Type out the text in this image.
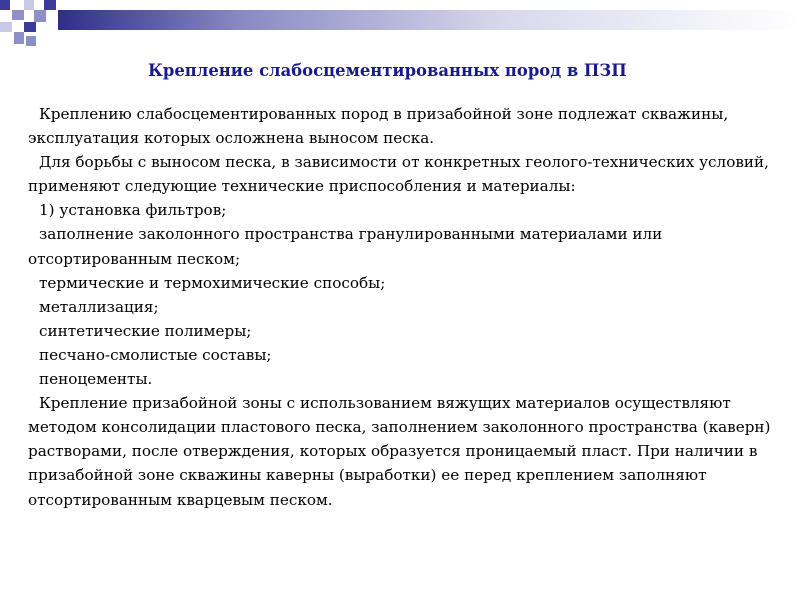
Крепление слабосцементированных пород в ПЗП

Креплению слабосцементированных пород в призабойной зоне подлежат скважины, эксплуатация которых осложнена выносом песка.

Для борьбы с выносом песка, в зависимости от конкретных геолого-технических условий, применяют следующие технические приспособления и материалы:

1) установка фильтров;

заполнение заколонного пространства гранулированными материалами или отсортированным песком;

термические и термохимические способы;

металлизация;

синтетические полимеры;

песчано-смолистые составы;

пеноцементы.

Крепление призабойной зоны с использованием вяжущих материалов осуществляют методом консолидации пластового песка, заполнением заколонного пространства (каверн) растворами, после отверждения, которых образуется проницаемый пласт. При наличии в призабойной зоне скважины каверны (выработки) ее перед креплением заполняют отсортированным кварцевым песком.
